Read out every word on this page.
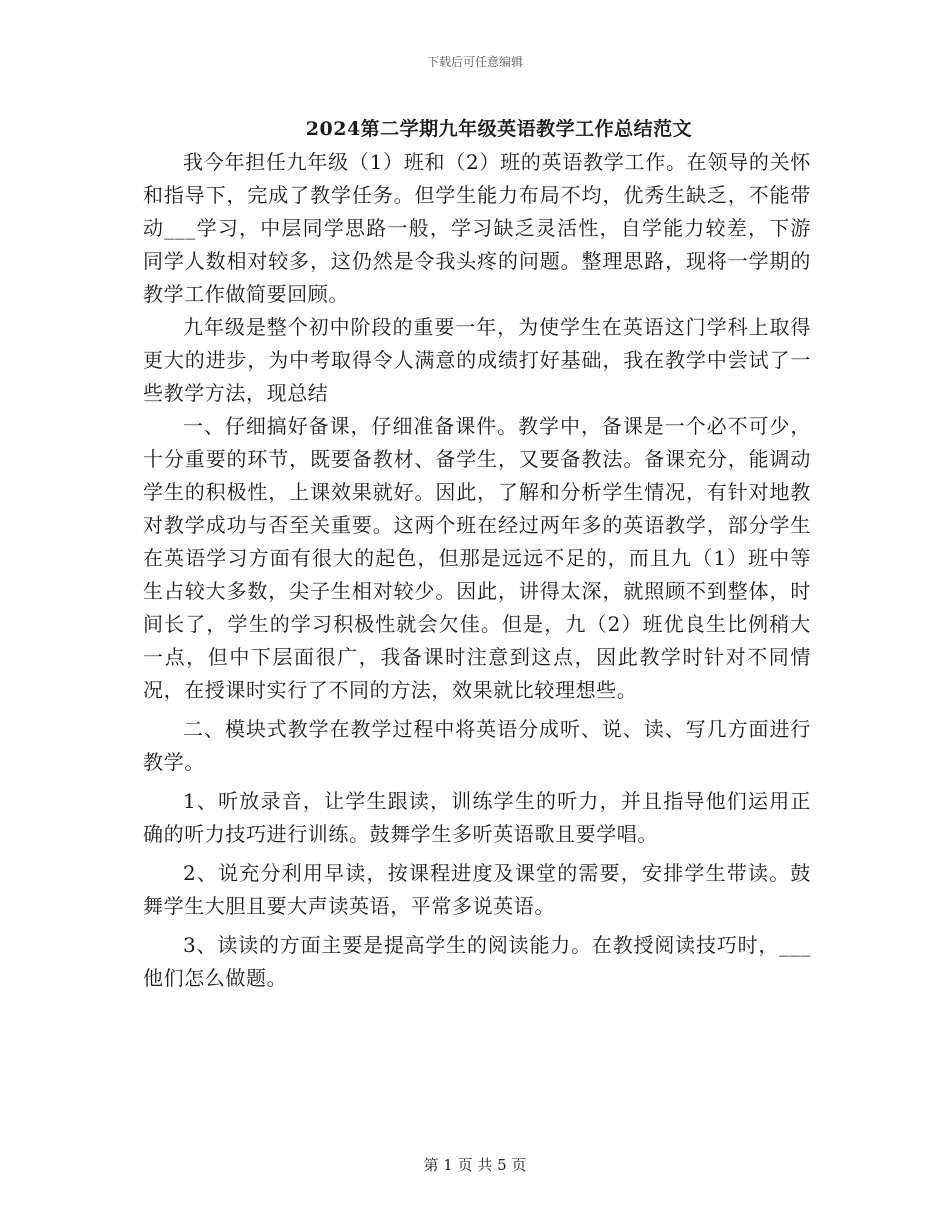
下载后可任意编辑
2024第二学期九年级英语教学工作总结范文

我今年担任九年级（1）班和（2）班的英语教学工作。在领导的关怀和指导下，完成了教学任务。但学生能力布局不均，优秀生缺乏，不能带动___学习，中层同学思路一般，学习缺乏灵活性，自学能力较差，下游同学人数相对较多，这仍然是令我头疼的问题。整理思路，现将一学期的教学工作做简要回顾。

九年级是整个初中阶段的重要一年，为使学生在英语这门学科上取得更大的进步，为中考取得令人满意的成绩打好基础，我在教学中尝试了一些教学方法，现总结

一、仔细搞好备课，仔细准备课件。教学中，备课是一个必不可少，十分重要的环节，既要备教材、备学生，又要备教法。备课充分，能调动学生的积极性，上课效果就好。因此，了解和分析学生情况，有针对地教对教学成功与否至关重要。这两个班在经过两年多的英语教学，部分学生在英语学习方面有很大的起色，但那是远远不足的，而且九（1）班中等生占较大多数，尖子生相对较少。因此，讲得太深，就照顾不到整体，时间长了，学生的学习积极性就会欠佳。但是，九（2）班优良生比例稍大一点，但中下层面很广，我备课时注意到这点，因此教学时针对不同情况，在授课时实行了不同的方法，效果就比较理想些。

二、模块式教学在教学过程中将英语分成听、说、读、写几方面进行教学。

1、听放录音，让学生跟读，训练学生的听力，并且指导他们运用正确的听力技巧进行训练。鼓舞学生多听英语歌且要学唱。

2、说充分利用早读，按课程进度及课堂的需要，安排学生带读。鼓舞学生大胆且要大声读英语，平常多说英语。

3、读读的方面主要是提高学生的阅读能力。在教授阅读技巧时，___他们怎么做题。

第 1 页 共 5 页
